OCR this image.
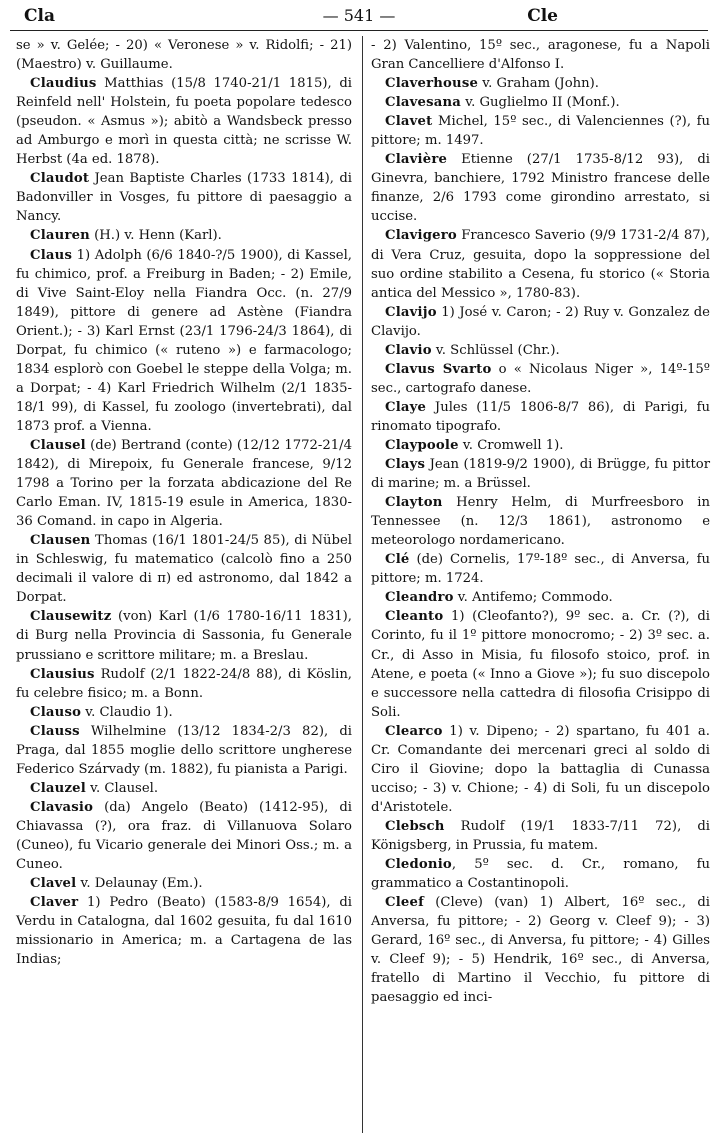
Cla	— 541 —	Cle

se » v. Gelée; - 20) « Veronese » v. Ridolfi; - 21) (Maestro) v. Guillaume.

Claudius Matthias (15/8 1740-21/1 1815), di Reinfeld nell' Holstein, fu poeta popolare tedesco (pseudon. « Asmus »); abitò a Wandsbeck presso ad Amburgo e morì in questa città; ne scrisse W. Herbst (4a ed. 1878).

Claudot Jean Baptiste Charles (1733 1814), di Badonviller in Vosges, fu pittore di paesaggio a Nancy.

Clauren (H.) v. Henn (Karl).

Claus 1) Adolph (6/6 1840-?/5 1900), di Kassel, fu chimico, prof. a Freiburg in Baden; - 2) Emile, di Vive Saint-Eloy nella Fiandra Occ. (n. 27/9 1849), pittore di genere ad Astène (Fiandra Orient.); - 3) Karl Ernst (23/1 1796-24/3 1864), di Dorpat, fu chimico (« ruteno ») e farmacologo; 1834 esplorò con Goebel le steppe della Volga; m. a Dorpat; - 4) Karl Friedrich Wilhelm (2/1 1835-18/1 99), di Kassel, fu zoologo (invertebrati), dal 1873 prof. a Vienna.

Clausel (de) Bertrand (conte) (12/12 1772-21/4 1842), di Mirepoix, fu Generale francese, 9/12 1798 a Torino per la forzata abdicazione del Re Carlo Eman. IV, 1815-19 esule in America, 1830-36 Comand. in capo in Algeria.

Clausen Thomas (16/1 1801-24/5 85), di Nübel in Schleswig, fu matematico (calcolò fino a 250 decimali il valore di π) ed astronomo, dal 1842 a Dorpat.

Clausewitz (von) Karl (1/6 1780-16/11 1831), di Burg nella Provincia di Sassonia, fu Generale prussiano e scrittore militare; m. a Breslau.

Clausius Rudolf (2/1 1822-24/8 88), di Köslin, fu celebre fisico; m. a Bonn.

Clauso v. Claudio 1).

Clauss Wilhelmine (13/12 1834-2/3 82), di Praga, dal 1855 moglie dello scrittore ungherese Federico Szárvady (m. 1882), fu pianista a Parigi.

Clauzel v. Clausel.

Clavasio (da) Angelo (Beato) (1412-95), di Chiavassa (?), ora fraz. di Villanuova Solaro (Cuneo), fu Vicario generale dei Minori Oss.; m. a Cuneo.

Clavel v. Delaunay (Em.).

Claver 1) Pedro (Beato) (1583-8/9 1654), di Verdu in Catalogna, dal 1602 gesuita, fu dal 1610 missionario in America; m. a Cartagena de las Indias;

- 2) Valentino, 15º sec., aragonese, fu a Napoli Gran Cancelliere d'Alfonso I.

Claverhouse v. Graham (John).

Clavesana v. Guglielmo II (Monf.).

Clavet Michel, 15º sec., di Valenciennes (?), fu pittore; m. 1497.

Clavière Etienne (27/1 1735-8/12 93), di Ginevra, banchiere, 1792 Ministro francese delle finanze, 2/6 1793 come girondino arrestato, si uccise.

Clavigero Francesco Saverio (9/9 1731-2/4 87), di Vera Cruz, gesuita, dopo la soppressione del suo ordine stabilito a Cesena, fu storico (« Storia antica del Messico », 1780-83).

Clavijo 1) José v. Caron; - 2) Ruy v. Gonzalez de Clavijo.

Clavio v. Schlüssel (Chr.).

Clavus Svarto o « Nicolaus Niger », 14º-15º sec., cartografo danese.

Claye Jules (11/5 1806-8/7 86), di Parigi, fu rinomato tipografo.

Claypoole v. Cromwell 1).

Clays Jean (1819-9/2 1900), di Brügge, fu pittor di marine; m. a Brüssel.

Clayton Henry Helm, di Murfreesboro in Tennessee (n. 12/3 1861), astronomo e meteorologo nordamericano.

Clé (de) Cornelis, 17º-18º sec., di Anversa, fu pittore; m. 1724.

Cleandro v. Antifemo; Commodo.

Cleanto 1) (Cleofanto?), 9º sec. a. Cr. (?), di Corinto, fu il 1º pittore monocromo; - 2) 3º sec. a. Cr., di Asso in Misia, fu filosofo stoico, prof. in Atene, e poeta (« Inno a Giove »); fu suo discepolo e successore nella cattedra di filosofia Crisippo di Soli.

Clearco 1) v. Dipeno; - 2) spartano, fu 401 a. Cr. Comandante dei mercenari greci al soldo di Ciro il Giovine; dopo la battaglia di Cunassa ucciso; - 3) v. Chione; - 4) di Soli, fu un discepolo d'Aristotele.

Clebsch Rudolf (19/1 1833-7/11 72), di Königsberg, in Prussia, fu matem.

Cledonio, 5º sec. d. Cr., romano, fu grammatico a Costantinopoli.

Cleef (Cleve) (van) 1) Albert, 16º sec., di Anversa, fu pittore; - 2) Georg v. Cleef 9); - 3) Gerard, 16º sec., di Anversa, fu pittore; - 4) Gilles v. Cleef 9); - 5) Hendrik, 16º sec., di Anversa, fratello di Martino il Vecchio, fu pittore di paesaggio ed inci-
